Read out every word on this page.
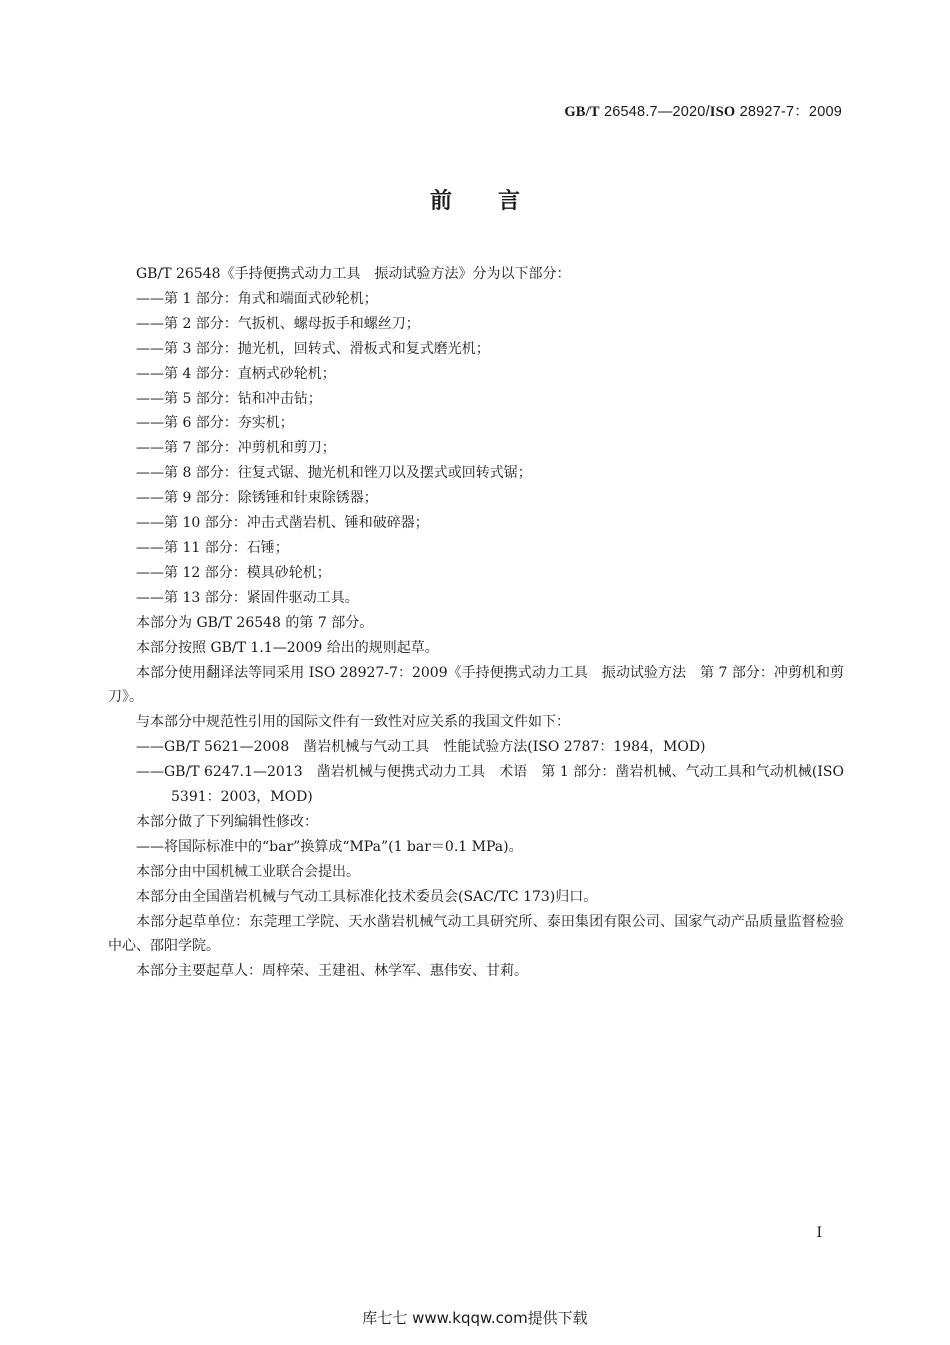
GB/T 26548.7—2020/ISO 28927-7：2009
前言

GB/T 26548《手持便携式动力工具　振动试验方法》分为以下部分：

——第 1 部分：角式和端面式砂轮机；

——第 2 部分：气扳机、螺母扳手和螺丝刀；

——第 3 部分：抛光机，回转式、滑板式和复式磨光机；

——第 4 部分：直柄式砂轮机；

——第 5 部分：钻和冲击钻；

——第 6 部分：夯实机；

——第 7 部分：冲剪机和剪刀；

——第 8 部分：往复式锯、抛光机和锉刀以及摆式或回转式锯；

——第 9 部分：除锈锤和针束除锈器；

——第 10 部分：冲击式凿岩机、锤和破碎器；

——第 11 部分：石锤；

——第 12 部分：模具砂轮机；

——第 13 部分：紧固件驱动工具。

本部分为 GB/T 26548 的第 7 部分。

本部分按照 GB/T 1.1—2009 给出的规则起草。

本部分使用翻译法等同采用 ISO 28927-7：2009《手持便携式动力工具　振动试验方法　第 7 部分：冲剪机和剪刀》。

与本部分中规范性引用的国际文件有一致性对应关系的我国文件如下：

——GB/T 5621—2008　凿岩机械与气动工具　性能试验方法(ISO 2787：1984，MOD)

——GB/T 6247.1—2013　凿岩机械与便携式动力工具　术语　第 1 部分：凿岩机械、气动工具和气动机械(ISO 5391：2003，MOD)

本部分做了下列编辑性修改：

——将国际标准中的“bar”换算成“MPa”(1 bar＝0.1 MPa)。

本部分由中国机械工业联合会提出。

本部分由全国凿岩机械与气动工具标准化技术委员会(SAC/TC 173)归口。

本部分起草单位：东莞理工学院、天水凿岩机械气动工具研究所、泰田集团有限公司、国家气动产品质量监督检验中心、邵阳学院。

本部分主要起草人：周梓荣、王建祖、林学军、惠伟安、甘莉。

I
库七七 www.kqqw.com提供下载
